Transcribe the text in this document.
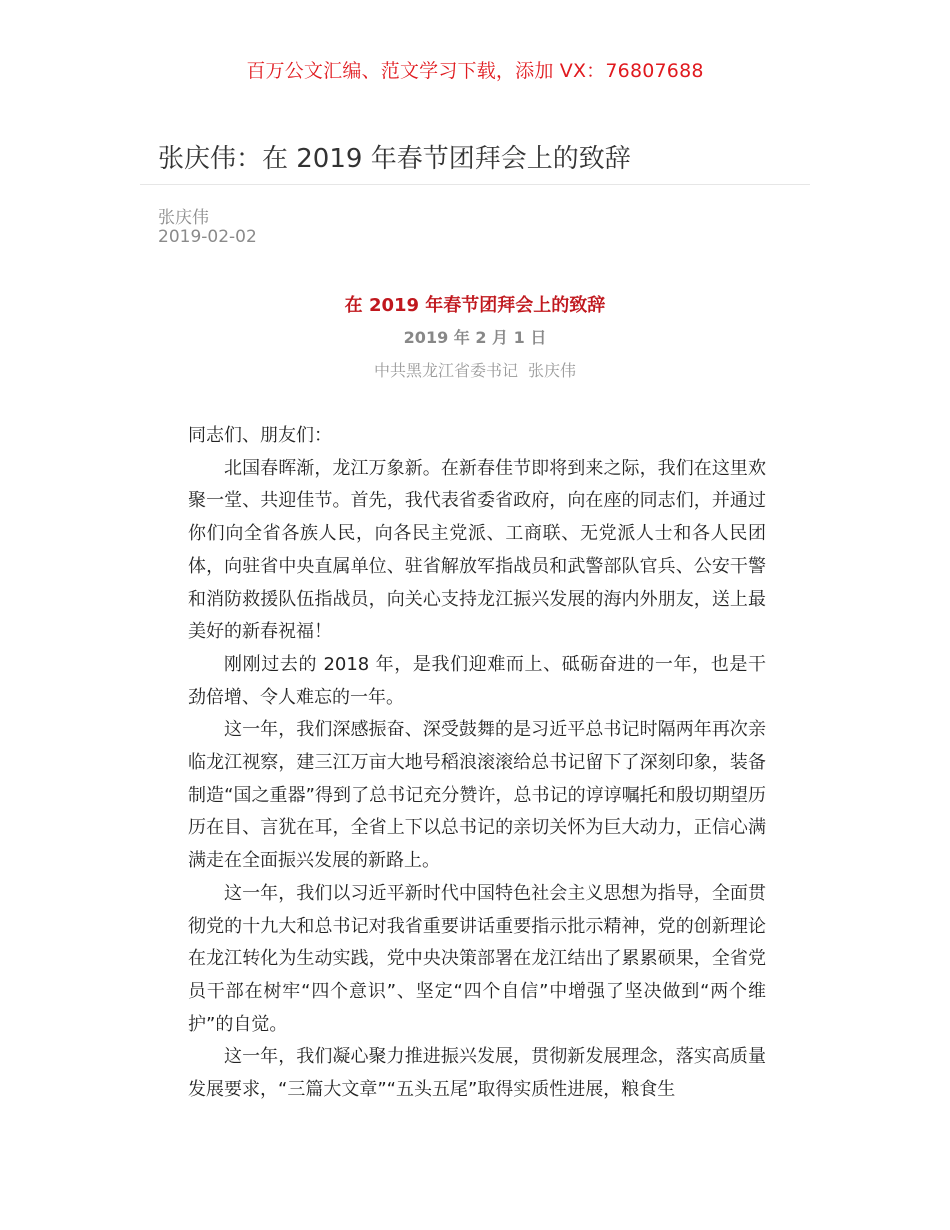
百万公文汇编、范文学习下载，添加 VX：76807688
张庆伟：在 2019 年春节团拜会上的致辞
张庆伟
2019-02-02
在 2019 年春节团拜会上的致辞
2019 年 2 月 1 日
中共黑龙江省委书记 张庆伟

同志们、朋友们：

北国春晖渐，龙江万象新。在新春佳节即将到来之际，我们在这里欢聚一堂、共迎佳节。首先，我代表省委省政府，向在座的同志们，并通过你们向全省各族人民，向各民主党派、工商联、无党派人士和各人民团体，向驻省中央直属单位、驻省解放军指战员和武警部队官兵、公安干警和消防救援队伍指战员，向关心支持龙江振兴发展的海内外朋友，送上最美好的新春祝福！

刚刚过去的 2018 年，是我们迎难而上、砥砺奋进的一年，也是干劲倍增、令人难忘的一年。

这一年，我们深感振奋、深受鼓舞的是习近平总书记时隔两年再次亲临龙江视察，建三江万亩大地号稻浪滚滚给总书记留下了深刻印象，装备制造“国之重器”得到了总书记充分赞许，总书记的谆谆嘱托和殷切期望历历在目、言犹在耳，全省上下以总书记的亲切关怀为巨大动力，正信心满满走在全面振兴发展的新路上。

这一年，我们以习近平新时代中国特色社会主义思想为指导，全面贯彻党的十九大和总书记对我省重要讲话重要指示批示精神，党的创新理论在龙江转化为生动实践，党中央决策部署在龙江结出了累累硕果，全省党员干部在树牢“四个意识”、坚定“四个自信”中增强了坚决做到“两个维护”的自觉。

这一年，我们凝心聚力推进振兴发展，贯彻新发展理念，落实高质量发展要求，“三篇大文章”“五头五尾”取得实质性进展，粮食生
